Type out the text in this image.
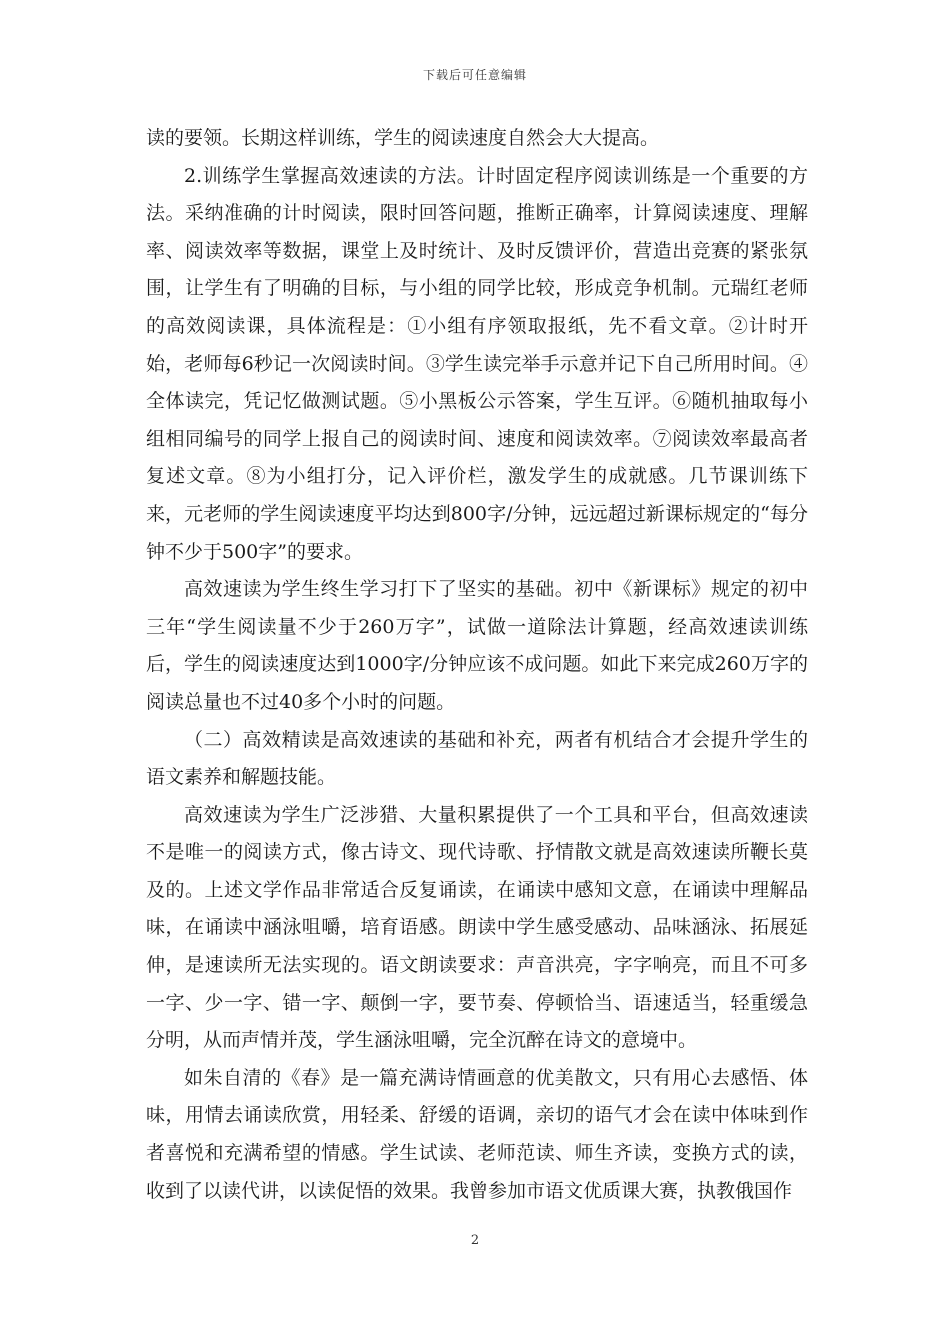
下载后可任意编辑

读的要领。长期这样训练，学生的阅读速度自然会大大提高。

2.训练学生掌握高效速读的方法。计时固定程序阅读训练是一个重要的方法。采纳准确的计时阅读，限时回答问题，推断正确率，计算阅读速度、理解率、阅读效率等数据，课堂上及时统计、及时反馈评价，营造出竞赛的紧张氛围，让学生有了明确的目标，与小组的同学比较，形成竞争机制。元瑞红老师的高效阅读课，具体流程是：①小组有序领取报纸，先不看文章。②计时开始，老师每6秒记一次阅读时间。③学生读完举手示意并记下自己所用时间。④全体读完，凭记忆做测试题。⑤小黑板公示答案，学生互评。⑥随机抽取每小组相同编号的同学上报自己的阅读时间、速度和阅读效率。⑦阅读效率最高者复述文章。⑧为小组打分，记入评价栏，激发学生的成就感。几节课训练下来，元老师的学生阅读速度平均达到800字/分钟，远远超过新课标规定的“每分钟不少于500字”的要求。

高效速读为学生终生学习打下了坚实的基础。初中《新课标》规定的初中三年“学生阅读量不少于260万字”，试做一道除法计算题，经高效速读训练后，学生的阅读速度达到1000字/分钟应该不成问题。如此下来完成260万字的阅读总量也不过40多个小时的问题。

（二）高效精读是高效速读的基础和补充，两者有机结合才会提升学生的语文素养和解题技能。

高效速读为学生广泛涉猎、大量积累提供了一个工具和平台，但高效速读不是唯一的阅读方式，像古诗文、现代诗歌、抒情散文就是高效速读所鞭长莫及的。上述文学作品非常适合反复诵读，在诵读中感知文意，在诵读中理解品味，在诵读中涵泳咀嚼，培育语感。朗读中学生感受感动、品味涵泳、拓展延伸，是速读所无法实现的。语文朗读要求：声音洪亮，字字响亮，而且不可多一字、少一字、错一字、颠倒一字，要节奏、停顿恰当、语速适当，轻重缓急分明，从而声情并茂，学生涵泳咀嚼，完全沉醉在诗文的意境中。

如朱自清的《春》是一篇充满诗情画意的优美散文，只有用心去感悟、体味，用情去诵读欣赏，用轻柔、舒缓的语调，亲切的语气才会在读中体味到作者喜悦和充满希望的情感。学生试读、老师范读、师生齐读，变换方式的读，收到了以读代讲，以读促悟的效果。我曾参加市语文优质课大赛，执教俄国作

2
